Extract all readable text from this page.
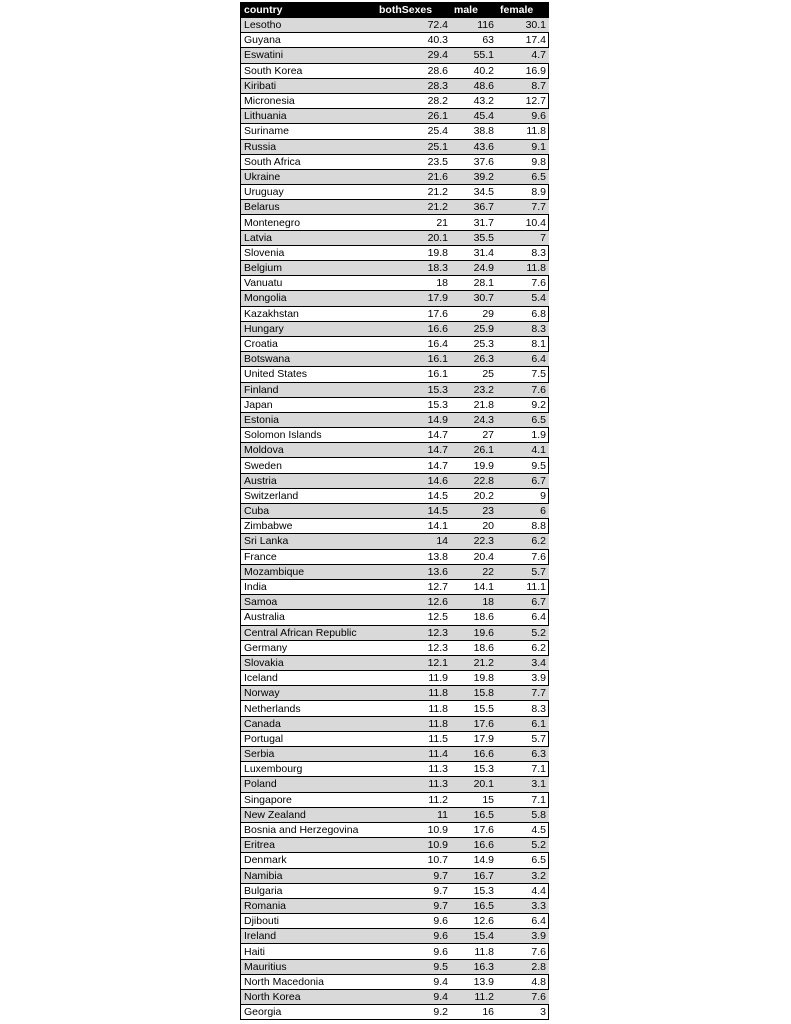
country	bothSexes	male	female
Lesotho	72.4	116	30.1
Guyana	40.3	63	17.4
Eswatini	29.4	55.1	4.7
South Korea	28.6	40.2	16.9
Kiribati	28.3	48.6	8.7
Micronesia	28.2	43.2	12.7
Lithuania	26.1	45.4	9.6
Suriname	25.4	38.8	11.8
Russia	25.1	43.6	9.1
South Africa	23.5	37.6	9.8
Ukraine	21.6	39.2	6.5
Uruguay	21.2	34.5	8.9
Belarus	21.2	36.7	7.7
Montenegro	21	31.7	10.4
Latvia	20.1	35.5	7
Slovenia	19.8	31.4	8.3
Belgium	18.3	24.9	11.8
Vanuatu	18	28.1	7.6
Mongolia	17.9	30.7	5.4
Kazakhstan	17.6	29	6.8
Hungary	16.6	25.9	8.3
Croatia	16.4	25.3	8.1
Botswana	16.1	26.3	6.4
United States	16.1	25	7.5
Finland	15.3	23.2	7.6
Japan	15.3	21.8	9.2
Estonia	14.9	24.3	6.5
Solomon Islands	14.7	27	1.9
Moldova	14.7	26.1	4.1
Sweden	14.7	19.9	9.5
Austria	14.6	22.8	6.7
Switzerland	14.5	20.2	9
Cuba	14.5	23	6
Zimbabwe	14.1	20	8.8
Sri Lanka	14	22.3	6.2
France	13.8	20.4	7.6
Mozambique	13.6	22	5.7
India	12.7	14.1	11.1
Samoa	12.6	18	6.7
Australia	12.5	18.6	6.4
Central African Republic	12.3	19.6	5.2
Germany	12.3	18.6	6.2
Slovakia	12.1	21.2	3.4
Iceland	11.9	19.8	3.9
Norway	11.8	15.8	7.7
Netherlands	11.8	15.5	8.3
Canada	11.8	17.6	6.1
Portugal	11.5	17.9	5.7
Serbia	11.4	16.6	6.3
Luxembourg	11.3	15.3	7.1
Poland	11.3	20.1	3.1
Singapore	11.2	15	7.1
New Zealand	11	16.5	5.8
Bosnia and Herzegovina	10.9	17.6	4.5
Eritrea	10.9	16.6	5.2
Denmark	10.7	14.9	6.5
Namibia	9.7	16.7	3.2
Bulgaria	9.7	15.3	4.4
Romania	9.7	16.5	3.3
Djibouti	9.6	12.6	6.4
Ireland	9.6	15.4	3.9
Haiti	9.6	11.8	7.6
Mauritius	9.5	16.3	2.8
North Macedonia	9.4	13.9	4.8
North Korea	9.4	11.2	7.6
Georgia	9.2	16	3
